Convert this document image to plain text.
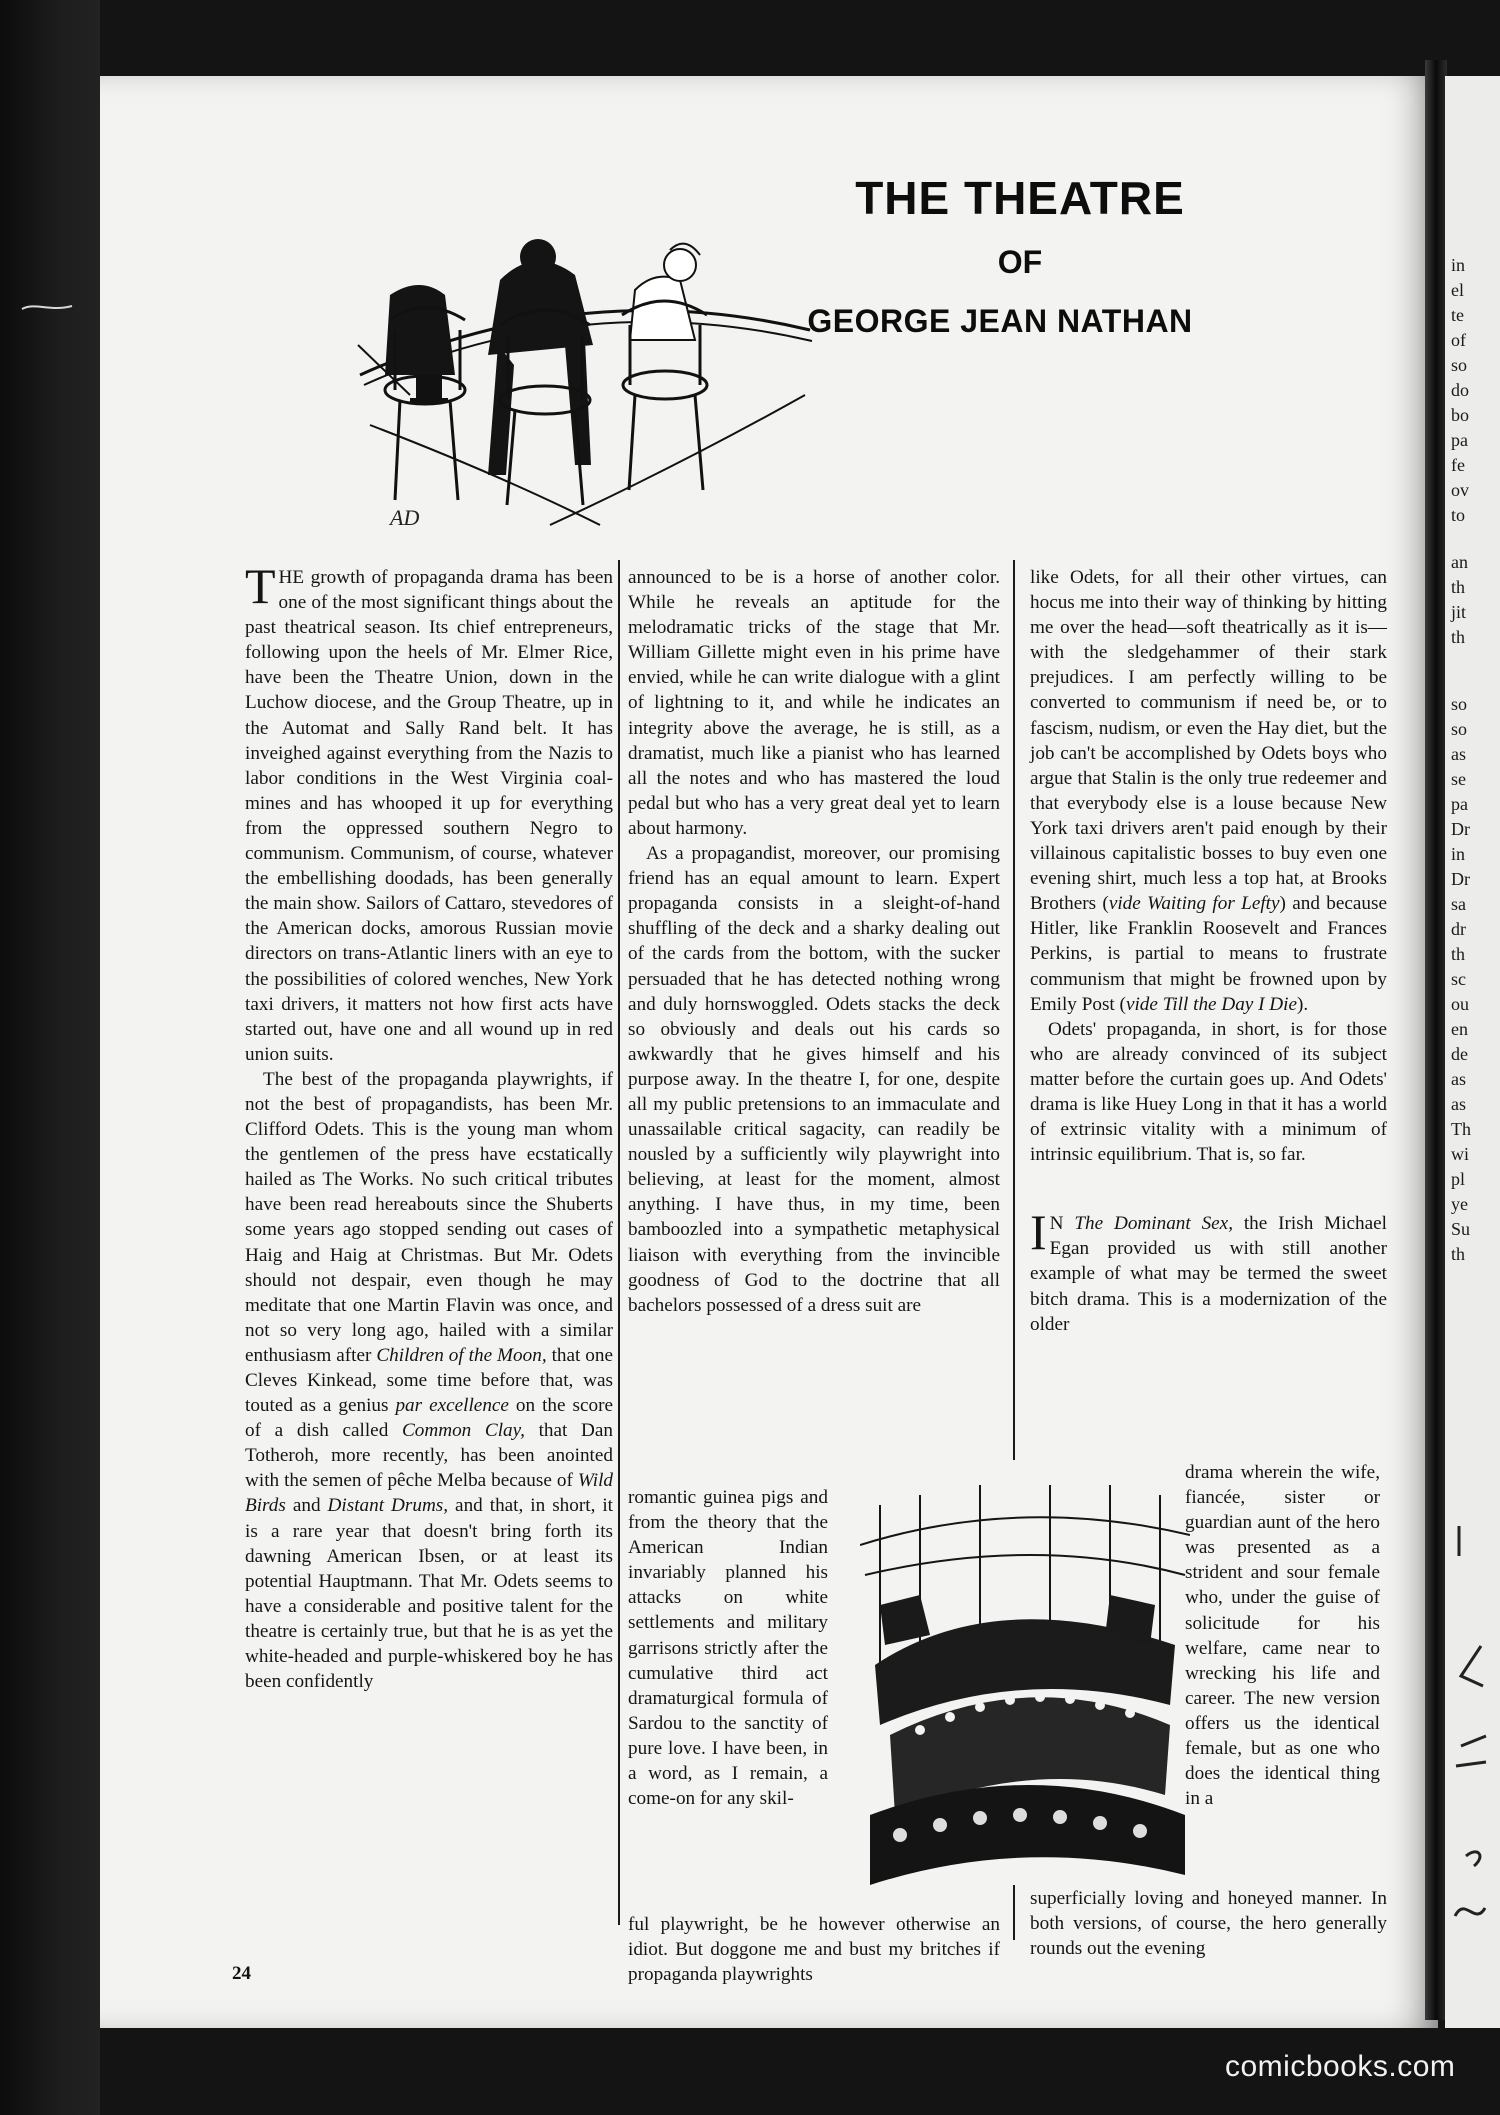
in
el
te
of
so
do
bo
pa
fe
ov
to
an
th
jit
th
so
so
as
se
pa
Dr
in
Dr
sa
dr
th
sc
ou
en
de
as
as
Th
wi
pl
ye
Su
th
THE THEATRE
OF
GEORGE JEAN NATHAN
AD

THE growth of propaganda drama has been one of the most significant things about the past theatrical season. Its chief entrepreneurs, following upon the heels of Mr. Elmer Rice, have been the Theatre Union, down in the Luchow diocese, and the Group Theatre, up in the Automat and Sally Rand belt. It has inveighed against everything from the Nazis to labor conditions in the West Virginia coal-mines and has whooped it up for everything from the oppressed southern Negro to communism. Communism, of course, whatever the embellishing doodads, has been generally the main show. Sailors of Cattaro, stevedores of the American docks, amorous Russian movie directors on trans-Atlantic liners with an eye to the possibilities of colored wenches, New York taxi drivers, it matters not how first acts have started out, have one and all wound up in red union suits.

The best of the propaganda playwrights, if not the best of propagandists, has been Mr. Clifford Odets. This is the young man whom the gentlemen of the press have ecstatically hailed as The Works. No such critical tributes have been read hereabouts since the Shuberts some years ago stopped sending out cases of Haig and Haig at Christmas. But Mr. Odets should not despair, even though he may meditate that one Martin Flavin was once, and not so very long ago, hailed with a similar enthusiasm after Children of the Moon, that one Cleves Kinkead, some time before that, was touted as a genius par excellence on the score of a dish called Common Clay, that Dan Totheroh, more recently, has been anointed with the semen of pêche Melba because of Wild Birds and Distant Drums, and that, in short, it is a rare year that doesn't bring forth its dawning American Ibsen, or at least its potential Hauptmann. That Mr. Odets seems to have a considerable and positive talent for the theatre is certainly true, but that he is as yet the white-headed and purple-whiskered boy he has been confidently

announced to be is a horse of another color. While he reveals an aptitude for the melodramatic tricks of the stage that Mr. William Gillette might even in his prime have envied, while he can write dialogue with a glint of lightning to it, and while he indicates an integrity above the average, he is still, as a dramatist, much like a pianist who has learned all the notes and who has mastered the loud pedal but who has a very great deal yet to learn about harmony.

As a propagandist, moreover, our promising friend has an equal amount to learn. Expert propaganda consists in a sleight-of-hand shuffling of the deck and a sharky dealing out of the cards from the bottom, with the sucker persuaded that he has detected nothing wrong and duly hornswoggled. Odets stacks the deck so obviously and deals out his cards so awkwardly that he gives himself and his purpose away. In the theatre I, for one, despite all my public pretensions to an immaculate and unassailable critical sagacity, can readily be nousled by a sufficiently wily playwright into believing, at least for the moment, almost anything. I have thus, in my time, been bamboozled into a sympathetic metaphysical liaison with everything from the invincible goodness of God to the doctrine that all bachelors possessed of a dress suit are

romantic guinea pigs and from the theory that the American Indian invariably planned his attacks on white settlements and military garrisons strictly after the cumulative third act dramaturgical formula of Sardou to the sanctity of pure love. I have been, in a word, as I remain, a come-on for any skil-
ful playwright, be he however otherwise an idiot. But doggone me and bust my britches if propaganda playwrights

like Odets, for all their other virtues, can hocus me into their way of thinking by hitting me over the head—soft theatrically as it is—with the sledgehammer of their stark prejudices. I am perfectly willing to be converted to communism if need be, or to fascism, nudism, or even the Hay diet, but the job can't be accomplished by Odets boys who argue that Stalin is the only true redeemer and that everybody else is a louse because New York taxi drivers aren't paid enough by their villainous capitalistic bosses to buy even one evening shirt, much less a top hat, at Brooks Brothers (vide Waiting for Lefty) and because Hitler, like Franklin Roosevelt and Frances Perkins, is partial to means to frustrate communism that might be frowned upon by Emily Post (vide Till the Day I Die).

Odets' propaganda, in short, is for those who are already convinced of its subject matter before the curtain goes up. And Odets' drama is like Huey Long in that it has a world of extrinsic vitality with a minimum of intrinsic equilibrium. That is, so far.

I N The Dominant Sex, the Irish Michael Egan provided us with still another example of what may be termed the sweet bitch drama. This is a modernization of the older

drama wherein the wife, fiancée, sister or guardian aunt of the hero was presented as a strident and sour female who, under the guise of solicitude for his welfare, came near to wrecking his life and career. The new version offers us the identical female, but as one who does the identical thing in a
superficially loving and honeyed manner. In both versions, of course, the hero generally rounds out the evening
24
comicbooks.com
